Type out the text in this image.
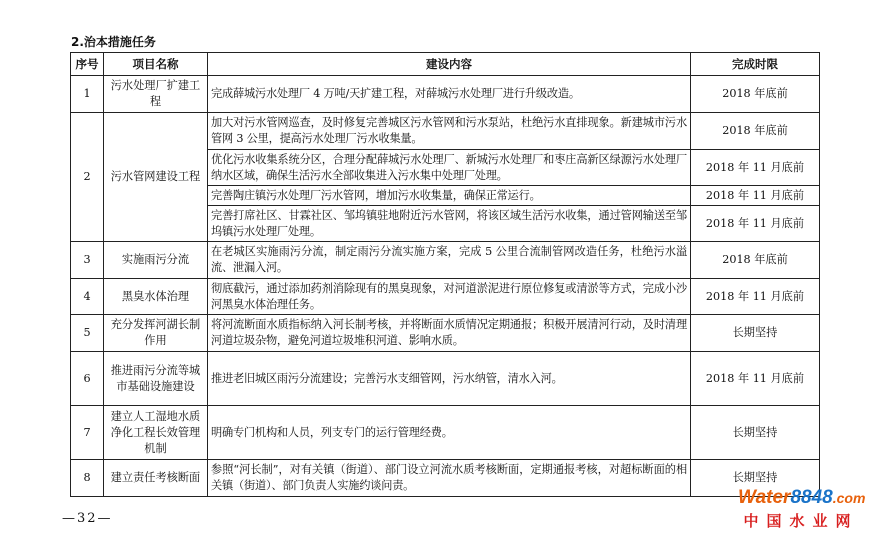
2.治本措施任务
序号	项目名称	建设内容	完成时限
1	污水处理厂扩建工程	完成薛城污水处理厂 4 万吨/天扩建工程，对薛城污水处理厂进行升级改造。	2018 年底前
2	污水管网建设工程	加大对污水管网巡查，及时修复完善城区污水管网和污水泵站，杜绝污水直排现象。新建城市污水管网 3 公里，提高污水处理厂污水收集量。	2018 年底前
		优化污水收集系统分区，合理分配薛城污水处理厂、新城污水处理厂和枣庄高新区绿源污水处理厂纳水区域，确保生活污水全部收集进入污水集中处理厂处理。	2018 年 11 月底前
		完善陶庄镇污水处理厂污水管网，增加污水收集量，确保正常运行。	2018 年 11 月底前
		完善打席社区、甘霖社区、邹坞镇驻地附近污水管网，将该区域生活污水收集，通过管网输送至邹坞镇污水处理厂处理。	2018 年 11 月底前
3	实施雨污分流	在老城区实施雨污分流，制定雨污分流实施方案，完成 5 公里合流制管网改造任务，杜绝污水溢流、泄漏入河。	2018 年底前
4	黑臭水体治理	彻底截污，通过添加药剂消除现有的黑臭现象，对河道淤泥进行原位修复或清淤等方式，完成小沙河黑臭水体治理任务。	2018 年 11 月底前
5	充分发挥河湖长制作用	将河流断面水质指标纳入河长制考核，并将断面水质情况定期通报；积极开展清河行动，及时清理河道垃圾杂物，避免河道垃圾堆积河道、影响水质。	长期坚持
6	推进雨污分流等城市基础设施建设	推进老旧城区雨污分流建设；完善污水支细管网，污水纳管，清水入河。	2018 年 11 月底前
7	建立人工湿地水质净化工程长效管理机制	明确专门机构和人员，列支专门的运行管理经费。	长期坚持
8	建立责任考核断面	参照“河长制”，对有关镇（街道）、部门设立河流水质考核断面，定期通报考核，对超标断面的相关镇（街道）、部门负责人实施约谈问责。	长期坚持
—32—
Water 8848 .com
中国水业网
